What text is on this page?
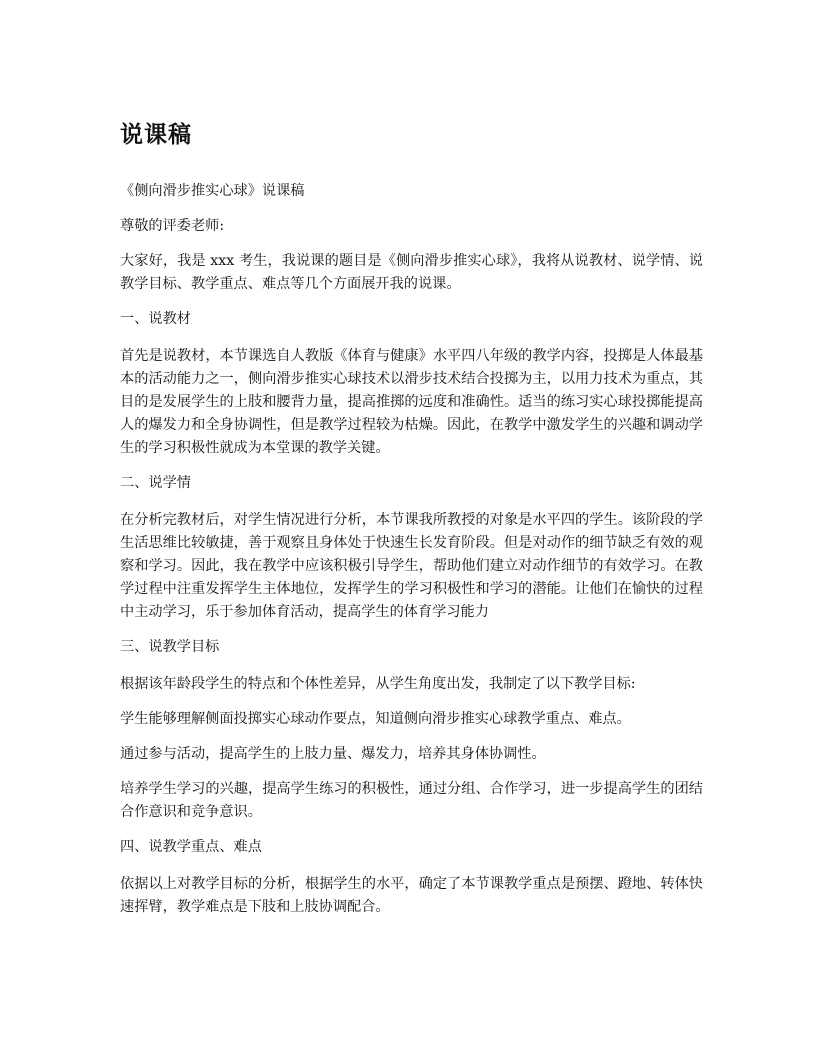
说课稿

《侧向滑步推实心球》说课稿

尊敬的评委老师:

大家好，我是 xxx 考生，我说课的题目是《侧向滑步推实心球》，我将从说教材、说学情、说教学目标、教学重点、难点等几个方面展开我的说课。

一、说教材

首先是说教材，本节课选自人教版《体育与健康》水平四八年级的教学内容，投掷是人体最基本的活动能力之一，侧向滑步推实心球技术以滑步技术结合投掷为主，以用力技术为重点，其目的是发展学生的上肢和腰背力量，提高推掷的远度和准确性。适当的练习实心球投掷能提高人的爆发力和全身协调性，但是教学过程较为枯燥。因此，在教学中激发学生的兴趣和调动学生的学习积极性就成为本堂课的教学关键。

二、说学情

在分析完教材后，对学生情况进行分析，本节课我所教授的对象是水平四的学生。该阶段的学生活思维比较敏捷，善于观察且身体处于快速生长发育阶段。但是对动作的细节缺乏有效的观察和学习。因此，我在教学中应该积极引导学生，帮助他们建立对动作细节的有效学习。在教学过程中注重发挥学生主体地位，发挥学生的学习积极性和学习的潜能。让他们在愉快的过程中主动学习，乐于参加体育活动，提高学生的体育学习能力

三、说教学目标

根据该年龄段学生的特点和个体性差异，从学生角度出发，我制定了以下教学目标:

学生能够理解侧面投掷实心球动作要点，知道侧向滑步推实心球教学重点、难点。

通过参与活动，提高学生的上肢力量、爆发力，培养其身体协调性。

培养学生学习的兴趣，提高学生练习的积极性，通过分组、合作学习，进一步提高学生的团结合作意识和竞争意识。

四、说教学重点、难点

依据以上对教学目标的分析，根据学生的水平，确定了本节课教学重点是预摆、蹬地、转体快速挥臂，教学难点是下肢和上肢协调配合。
